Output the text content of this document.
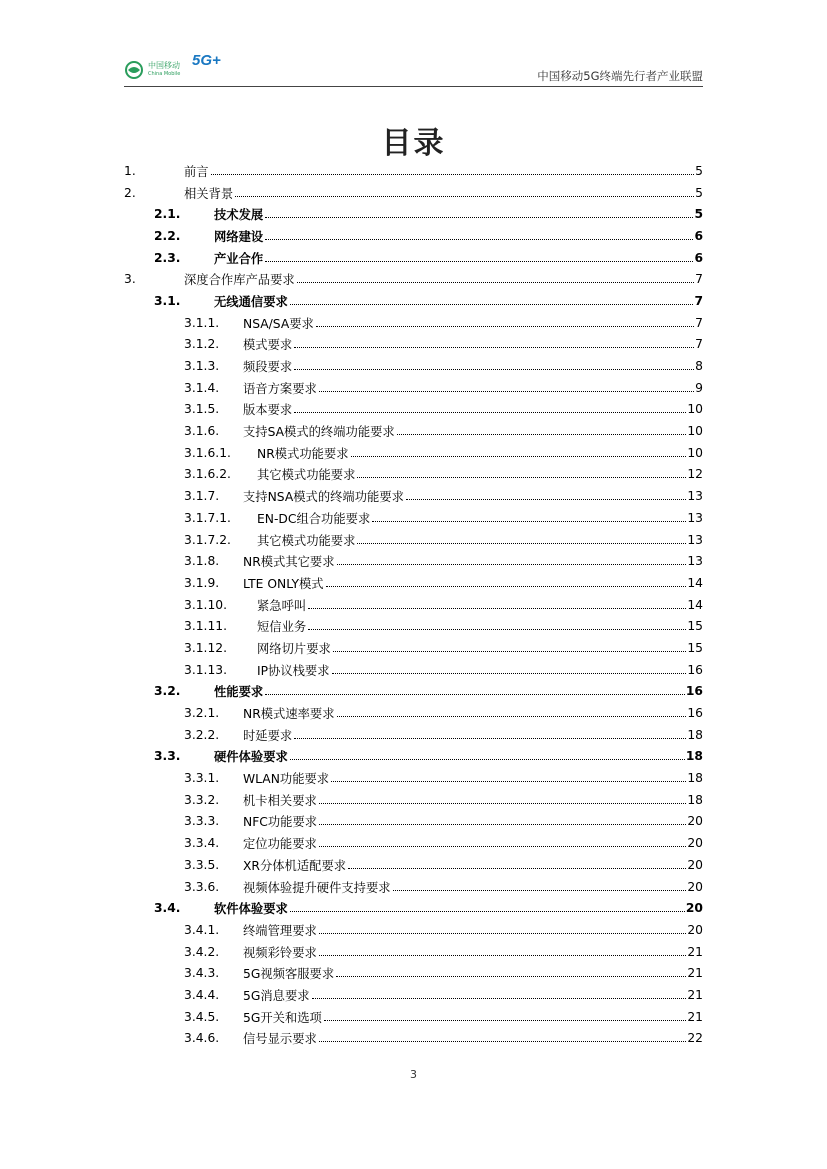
中国移动
China Mobile
5G+
中国移动5G终端先行者产业联盟
目录
1.	前言	5
2.	相关背景	5
2.1.	技术发展	5
2.2.	网络建设	6
2.3.	产业合作	6
3.	深度合作库产品要求	7
3.1.	无线通信要求	7
3.1.1. NSA/SA要求	7
3.1.2. 模式要求	7
3.1.3. 频段要求	8
3.1.4. 语音方案要求	9
3.1.5. 版本要求	10
3.1.6. 支持SA模式的终端功能要求	10
3.1.6.1. NR模式功能要求	10
3.1.6.2. 其它模式功能要求	12
3.1.7. 支持NSA模式的终端功能要求	13
3.1.7.1. EN-DC组合功能要求	13
3.1.7.2. 其它模式功能要求	13
3.1.8. NR模式其它要求	13
3.1.9. LTE ONLY模式	14
3.1.10. 紧急呼叫	14
3.1.11. 短信业务	15
3.1.12. 网络切片要求	15
3.1.13. IP协议栈要求	16
3.2.	性能要求	16
3.2.1. NR模式速率要求	16
3.2.2. 时延要求	18
3.3.	硬件体验要求	18
3.3.1. WLAN功能要求	18
3.3.2. 机卡相关要求	18
3.3.3. NFC功能要求	20
3.3.4. 定位功能要求	20
3.3.5. XR分体机适配要求	20
3.3.6. 视频体验提升硬件支持要求	20
3.4.	软件体验要求	20
3.4.1. 终端管理要求	20
3.4.2. 视频彩铃要求	21
3.4.3. 5G视频客服要求	21
3.4.4. 5G消息要求	21
3.4.5. 5G开关和选项	21
3.4.6. 信号显示要求	22
3
